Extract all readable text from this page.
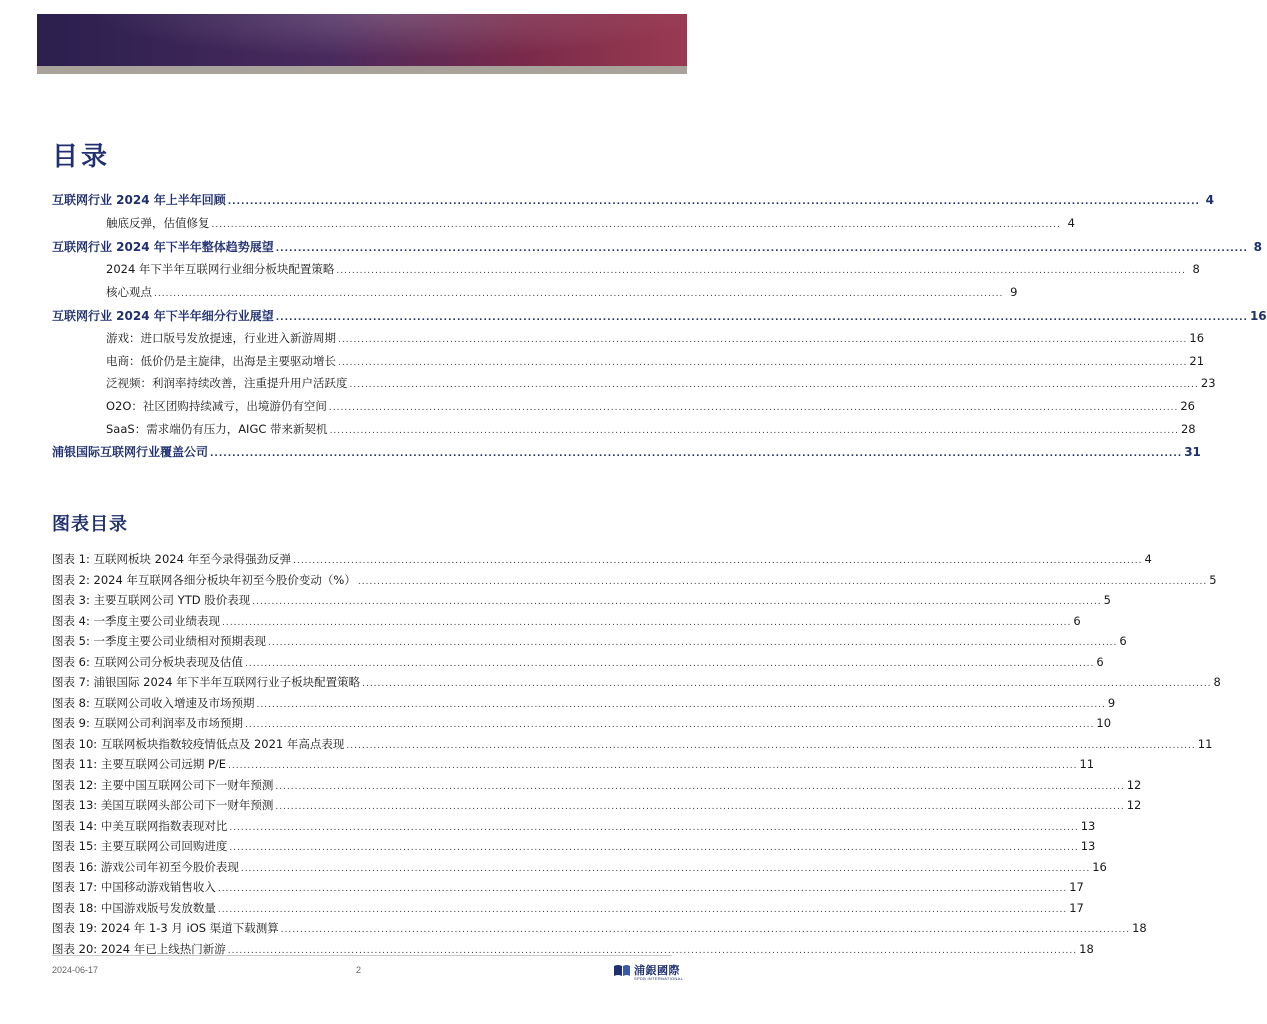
目录
互联网行业 2024 年上半年回顾 ............................................................................................................................................................................................................................ 4
触底反弹，估值修复 ............................................................................................................................................................................................................................ 4
互联网行业 2024 年下半年整体趋势展望 ............................................................................................................................................................................................................................ 8
2024 年下半年互联网行业细分板块配置策略 ............................................................................................................................................................................................................................ 8
核心观点 ............................................................................................................................................................................................................................ 9
互联网行业 2024 年下半年细分行业展望 ............................................................................................................................................................................................................................ 16
游戏：进口版号发放提速，行业进入新游周期 ............................................................................................................................................................................................................................ 16
电商：低价仍是主旋律，出海是主要驱动增长 ............................................................................................................................................................................................................................ 21
泛视频：利润率持续改善，注重提升用户活跃度 ............................................................................................................................................................................................................................ 23
O2O：社区团购持续减亏，出境游仍有空间 ............................................................................................................................................................................................................................ 26
SaaS：需求端仍有压力，AIGC 带来新契机 ............................................................................................................................................................................................................................ 28
浦银国际互联网行业覆盖公司 ............................................................................................................................................................................................................................ 31
图表目录
图表 1:
互联网板块 2024 年至今录得强劲反弹 ............................................................................................................................................................................................................................ 4
图表 2:
2024 年互联网各细分板块年初至今股价变动（%） ............................................................................................................................................................................................................................ 5
图表 3:
主要互联网公司 YTD 股价表现 ............................................................................................................................................................................................................................ 5
图表 4:
一季度主要公司业绩表现 ............................................................................................................................................................................................................................ 6
图表 5:
一季度主要公司业绩相对预期表现 ............................................................................................................................................................................................................................ 6
图表 6:
互联网公司分板块表现及估值 ............................................................................................................................................................................................................................ 6
图表 7:
浦银国际 2024 年下半年互联网行业子板块配置策略 ............................................................................................................................................................................................................................ 8
图表 8:
互联网公司收入增速及市场预期 ............................................................................................................................................................................................................................ 9
图表 9:
互联网公司利润率及市场预期 ............................................................................................................................................................................................................................ 10
图表 10:
互联网板块指数较疫情低点及 2021 年高点表现 ............................................................................................................................................................................................................................ 11
图表 11:
主要互联网公司远期 P/E ............................................................................................................................................................................................................................ 11
图表 12:
主要中国互联网公司下一财年预测 ............................................................................................................................................................................................................................ 12
图表 13:
美国互联网头部公司下一财年预测 ............................................................................................................................................................................................................................ 12
图表 14:
中美互联网指数表现对比 ............................................................................................................................................................................................................................ 13
图表 15:
主要互联网公司回购进度 ............................................................................................................................................................................................................................ 13
图表 16:
游戏公司年初至今股价表现 ............................................................................................................................................................................................................................ 16
图表 17:
中国移动游戏销售收入 ............................................................................................................................................................................................................................ 17
图表 18:
中国游戏版号发放数量 ............................................................................................................................................................................................................................ 17
图表 19:
2024 年 1-3 月 iOS 渠道下载测算 ............................................................................................................................................................................................................................ 18
图表 20:
2024 年已上线热门新游 ............................................................................................................................................................................................................................ 18
2024-06-17	2	浦銀國際
SPDB INTERNATIONAL
